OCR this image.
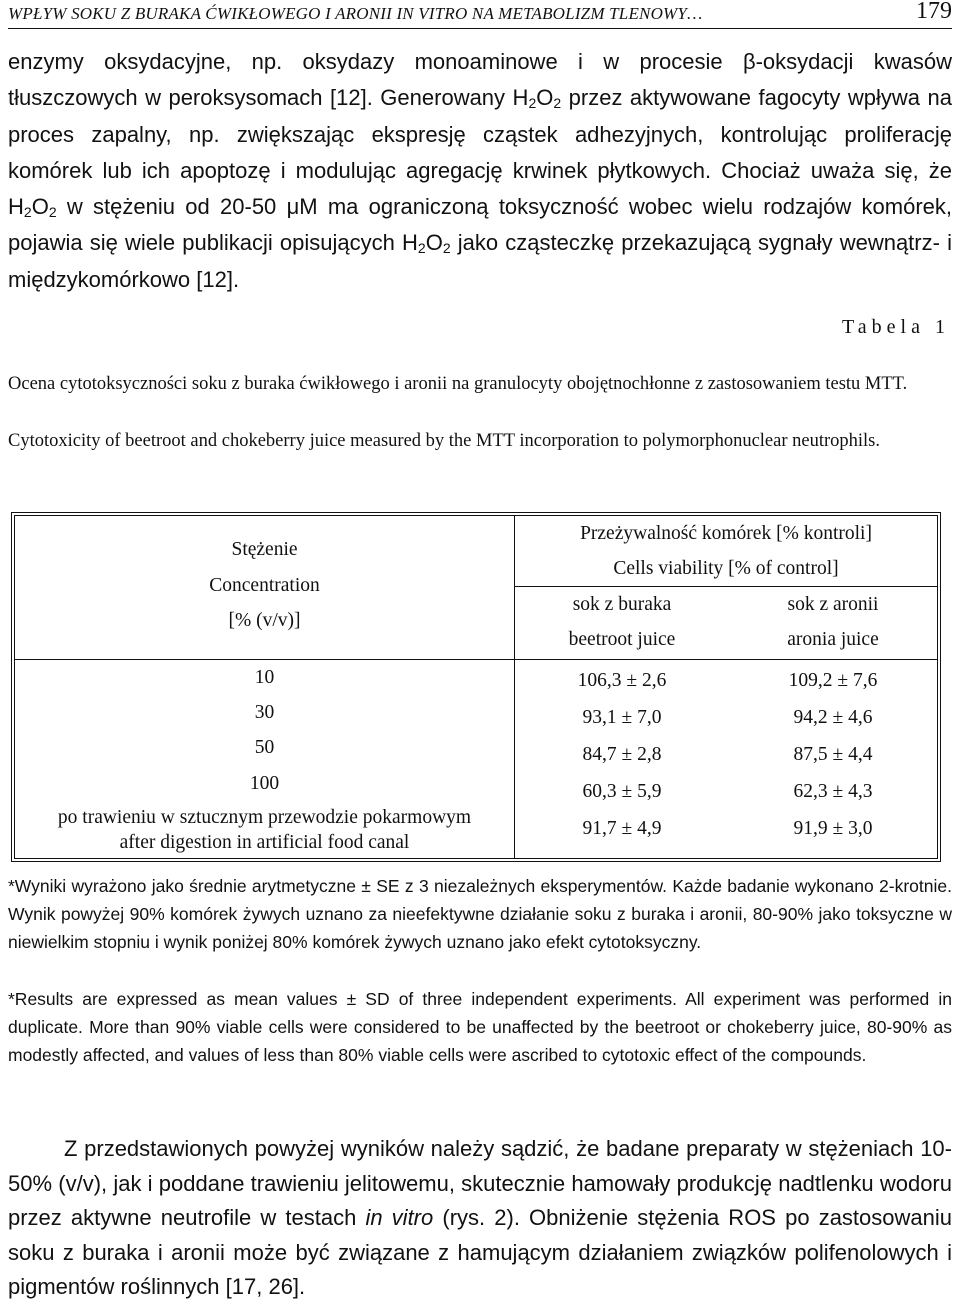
WPŁYW SOKU Z BURAKA ĆWIKŁOWEGO I ARONII IN VITRO NA METABOLIZM TLENOWY…	179
enzymy oksydacyjne, np. oksydazy monoaminowe i w procesie β-oksydacji kwasów tłuszczowych w peroksysomach [12]. Generowany $H_2O_2$ przez aktywowane fagocyty wpływa na proces zapalny, np. zwiększając ekspresję cząstek adhezyjnych, kontrolując proliferację komórek lub ich apoptozę i modulując agregację krwinek płytkowych. Chociaż uważa się, że $H_2O_2$ w stężeniu od 20-50 μM ma ograniczoną toksyczność wobec wielu rodzajów komórek, pojawia się wiele publikacji opisujących $H_2O_2$ jako cząsteczkę przekazującą sygnały wewnątrz- i międzykomórkowo [12].
Tabela 1
Ocena cytotoksyczności soku z buraka ćwikłowego i aronii na granulocyty obojętnochłonne z zastosowaniem testu MTT.
Cytotoxicity of beetroot and chokeberry juice measured by the MTT incorporation to polymorphonuclear neutrophils.
Stężenie
Concentration
[% (v/v)]
Przeżywalność komórek [% kontroli]
Cells viability [% of control]
sok z buraka
beetroot juice
sok z aronii
aronia juice
10
30
50
100
po trawieniu w sztucznym przewodzie pokarmowym
after digestion in artificial food canal
106,3 ± 2,6
93,1 ± 7,0
84,7 ± 2,8
60,3 ± 5,9
91,7 ± 4,9
109,2 ± 7,6
94,2 ± 4,6
87,5 ± 4,4
62,3 ± 4,3
91,9 ± 3,0
*Wyniki wyrażono jako średnie arytmetyczne ± SE z 3 niezależnych eksperymentów. Każde badanie wykonano 2-krotnie. Wynik powyżej 90% komórek żywych uznano za nieefektywne działanie soku z buraka i aronii, 80-90% jako toksyczne w niewielkim stopniu i wynik poniżej 80% komórek żywych uznano jako efekt cytotoksyczny.
*Results are expressed as mean values ± SD of three independent experiments. All experiment was performed in duplicate. More than 90% viable cells were considered to be unaffected by the beetroot or chokeberry juice, 80-90% as modestly affected, and values of less than 80% viable cells were ascribed to cytotoxic effect of the compounds.
Z przedstawionych powyżej wyników należy sądzić, że badane preparaty w stężeniach 10-50% (v/v), jak i poddane trawieniu jelitowemu, skutecznie hamowały produkcję nadtlenku wodoru przez aktywne neutrofile w testach in vitro (rys. 2). Obniżenie stężenia ROS po zastosowaniu soku z buraka i aronii może być związane z hamującym działaniem związków polifenolowych i pigmentów roślinnych [17, 26].
